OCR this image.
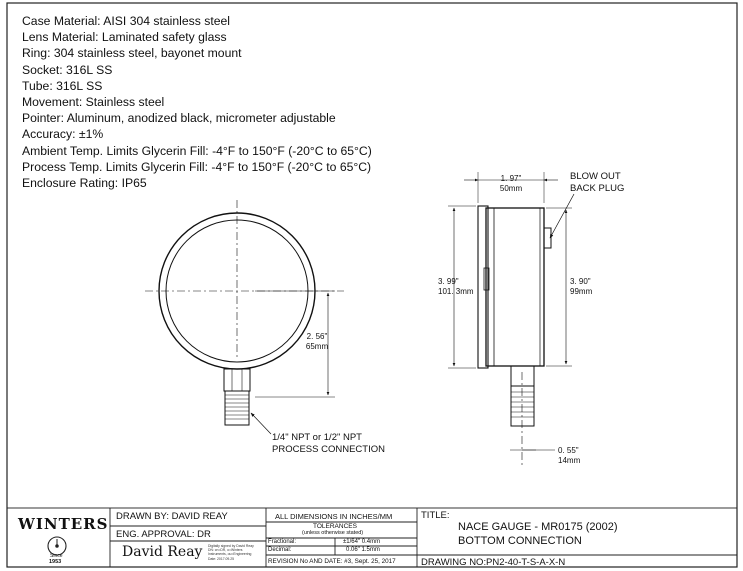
Case Material: AISI 304 stainless steel
Lens Material: Laminated safety glass
Ring: 304 stainless steel, bayonet mount
Socket: 316L SS
Tube: 316L SS
Movement: Stainless steel
Pointer: Aluminum, anodized black, micrometer adjustable
Accuracy: ±1%
Ambient Temp. Limits Glycerin Fill: -4°F to 150°F (-20°C to 65°C)
Process Temp. Limits Glycerin Fill: -4°F to 150°F (-20°C to 65°C)
Enclosure Rating: IP65
2. 56"
65mm
1/4" NPT or 1/2" NPT
PROCESS CONNECTION
1. 97"
50mm
BLOW OUT
BACK PLUG
3. 99"
101. 3mm
3. 90"
99mm
0. 55"
14mm
WINTERS
Since
1953
DRAWN BY: DAVID REAY
ENG. APPROVAL: DR
David Reay Digitally signed by David Reay DN: cn=DR, o=Winters Instruments, ou=Engineering Date: 2017.09.25
ALL DIMENSIONS IN INCHES/MM
TOLERANCES
(unless otherwise stated)
Fractional:	±1/64" 0.4mm
Decimal:	0.06" 1.5mm
REVISION No AND DATE: #3, Sept. 25, 2017
TITLE:
NACE GAUGE - MR0175 (2002)
BOTTOM CONNECTION
DRAWING NO: PN2-40-T-S-A-X-N
